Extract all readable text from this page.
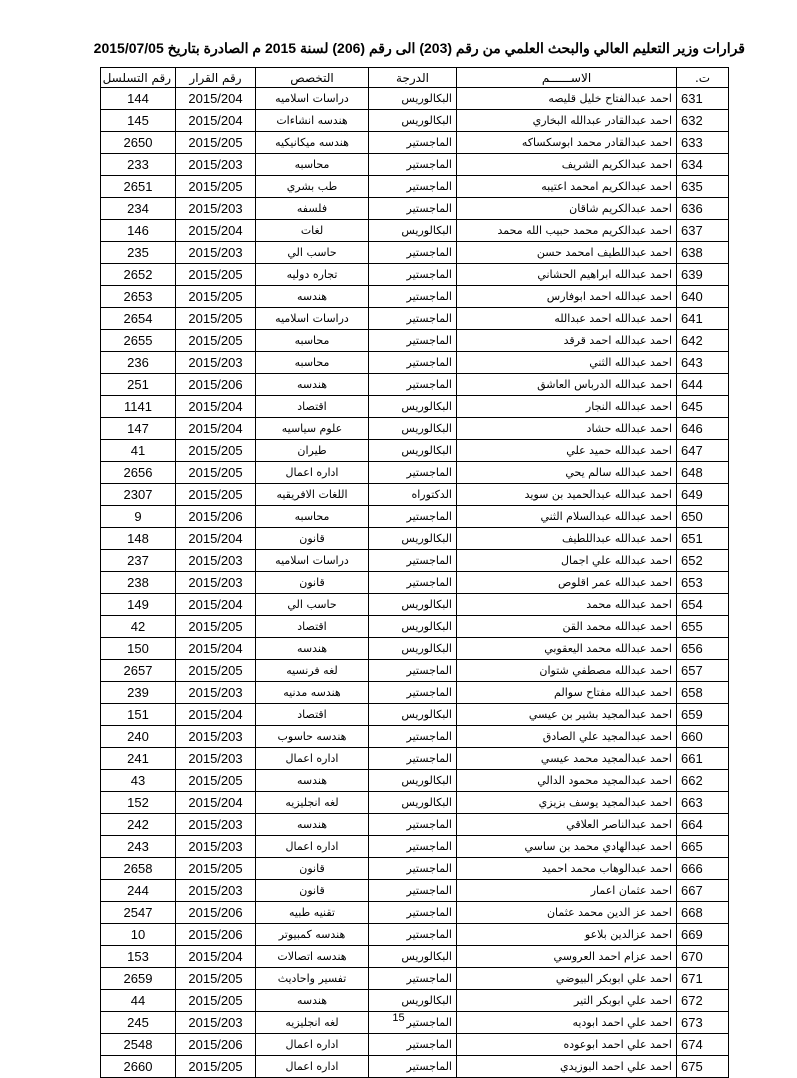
قرارات وزير التعليم العالي والبحث العلمي من رقم (203) الى رقم (206) لسنة 2015 م الصادرة بتاريخ 2015/07/05
ت.	الاســــــم	الدرجة	التخصص	رقم القرار	رقم التسلسل
631	احمد عبدالفتاح خليل قليصه	البكالوريس	دراسات اسلاميه	2015/204	144
632	احمد عبدالقادر عبدالله البخاري	البكالوريس	هندسه انشاءات	2015/204	145
633	احمد عبدالقادر محمد ابوسكساكه	الماجستير	هندسه ميكانيكيه	2015/205	2650
634	احمد عبدالكريم الشريف	الماجستير	محاسبه	2015/203	233
635	احمد عبدالكريم امحمد اعتيبه	الماجستير	طب بشري	2015/205	2651
636	احمد عبدالكريم شاقان	الماجستير	فلسفه	2015/203	234
637	احمد عبدالكريم محمد حبيب الله محمد	البكالوريس	لغات	2015/204	146
638	احمد عبداللطيف امحمد حسن	الماجستير	حاسب الي	2015/203	235
639	احمد عبدالله ابراهيم الحشاني	الماجستير	تجاره دوليه	2015/205	2652
640	احمد عبدالله احمد ابوفارس	الماجستير	هندسه	2015/205	2653
641	احمد عبدالله احمد عبدالله	الماجستير	دراسات اسلاميه	2015/205	2654
642	احمد عبدالله احمد قرقد	الماجستير	محاسبه	2015/205	2655
643	احمد عبدالله الثني	الماجستير	محاسبه	2015/203	236
644	احمد عبدالله الدرباس العاشق	الماجستير	هندسه	2015/206	251
645	احمد عبدالله النجار	البكالوريس	اقتصاد	2015/204	1141
646	احمد عبدالله حشاد	البكالوريس	علوم سياسيه	2015/204	147
647	احمد عبدالله حميد علي	البكالوريس	طيران	2015/205	41
648	احمد عبدالله سالم يحي	الماجستير	اداره اعمال	2015/205	2656
649	احمد عبدالله عبدالحميد بن سويد	الدكتوراه	اللغات الافريقيه	2015/205	2307
650	احمد عبدالله عبدالسلام الثني	الماجستير	محاسبه	2015/206	9
651	احمد عبدالله عبداللطيف	البكالوريس	قانون	2015/204	148
652	احمد عبدالله علي اجمال	الماجستير	دراسات اسلاميه	2015/203	237
653	احمد عبدالله عمر اقلوص	الماجستير	قانون	2015/203	238
654	احمد عبدالله محمد	البكالوريس	حاسب الي	2015/204	149
655	احمد عبدالله محمد القن	البكالوريس	اقتصاد	2015/205	42
656	احمد عبدالله محمد اليعقوبي	البكالوريس	هندسه	2015/204	150
657	احمد عبدالله مصطفي شتوان	الماجستير	لغه فرنسيه	2015/205	2657
658	احمد عبدالله مفتاح سوالم	الماجستير	هندسه مدنيه	2015/203	239
659	احمد عبدالمجيد بشير بن عيسي	البكالوريس	اقتصاد	2015/204	151
660	احمد عبدالمجيد علي الصادق	الماجستير	هندسه حاسوب	2015/203	240
661	احمد عبدالمجيد محمد عيسي	الماجستير	اداره اعمال	2015/203	241
662	احمد عبدالمجيد محمود الدالي	البكالوريس	هندسه	2015/205	43
663	احمد عبدالمجيد يوسف بزيزي	البكالوريس	لغه انجليزيه	2015/204	152
664	احمد عبدالناصر العلاقي	الماجستير	هندسه	2015/203	242
665	احمد عبدالهادي محمد بن ساسي	الماجستير	اداره اعمال	2015/203	243
666	احمد عبدالوهاب محمد احميد	الماجستير	قانون	2015/205	2658
667	احمد عثمان اعمار	الماجستير	قانون	2015/203	244
668	احمد عز الدين محمد عثمان	الماجستير	تقنيه طبيه	2015/206	2547
669	احمد عزالدين بلاعو	الماجستير	هندسه كمبيوتر	2015/206	10
670	احمد عزام احمد العروسي	البكالوريس	هندسه اتصالات	2015/204	153
671	احمد علي ابوبكر البيوضي	الماجستير	تفسير واحاديث	2015/205	2659
672	احمد علي ابوبكر التير	البكالوريس	هندسه	2015/205	44
673	احمد علي احمد ابوديه	الماجستير	لغه انجليزيه	2015/203	245
674	احمد علي احمد ابوعوده	الماجستير	اداره اعمال	2015/206	2548
675	احمد علي احمد البوزيدي	الماجستير	اداره اعمال	2015/205	2660
15
